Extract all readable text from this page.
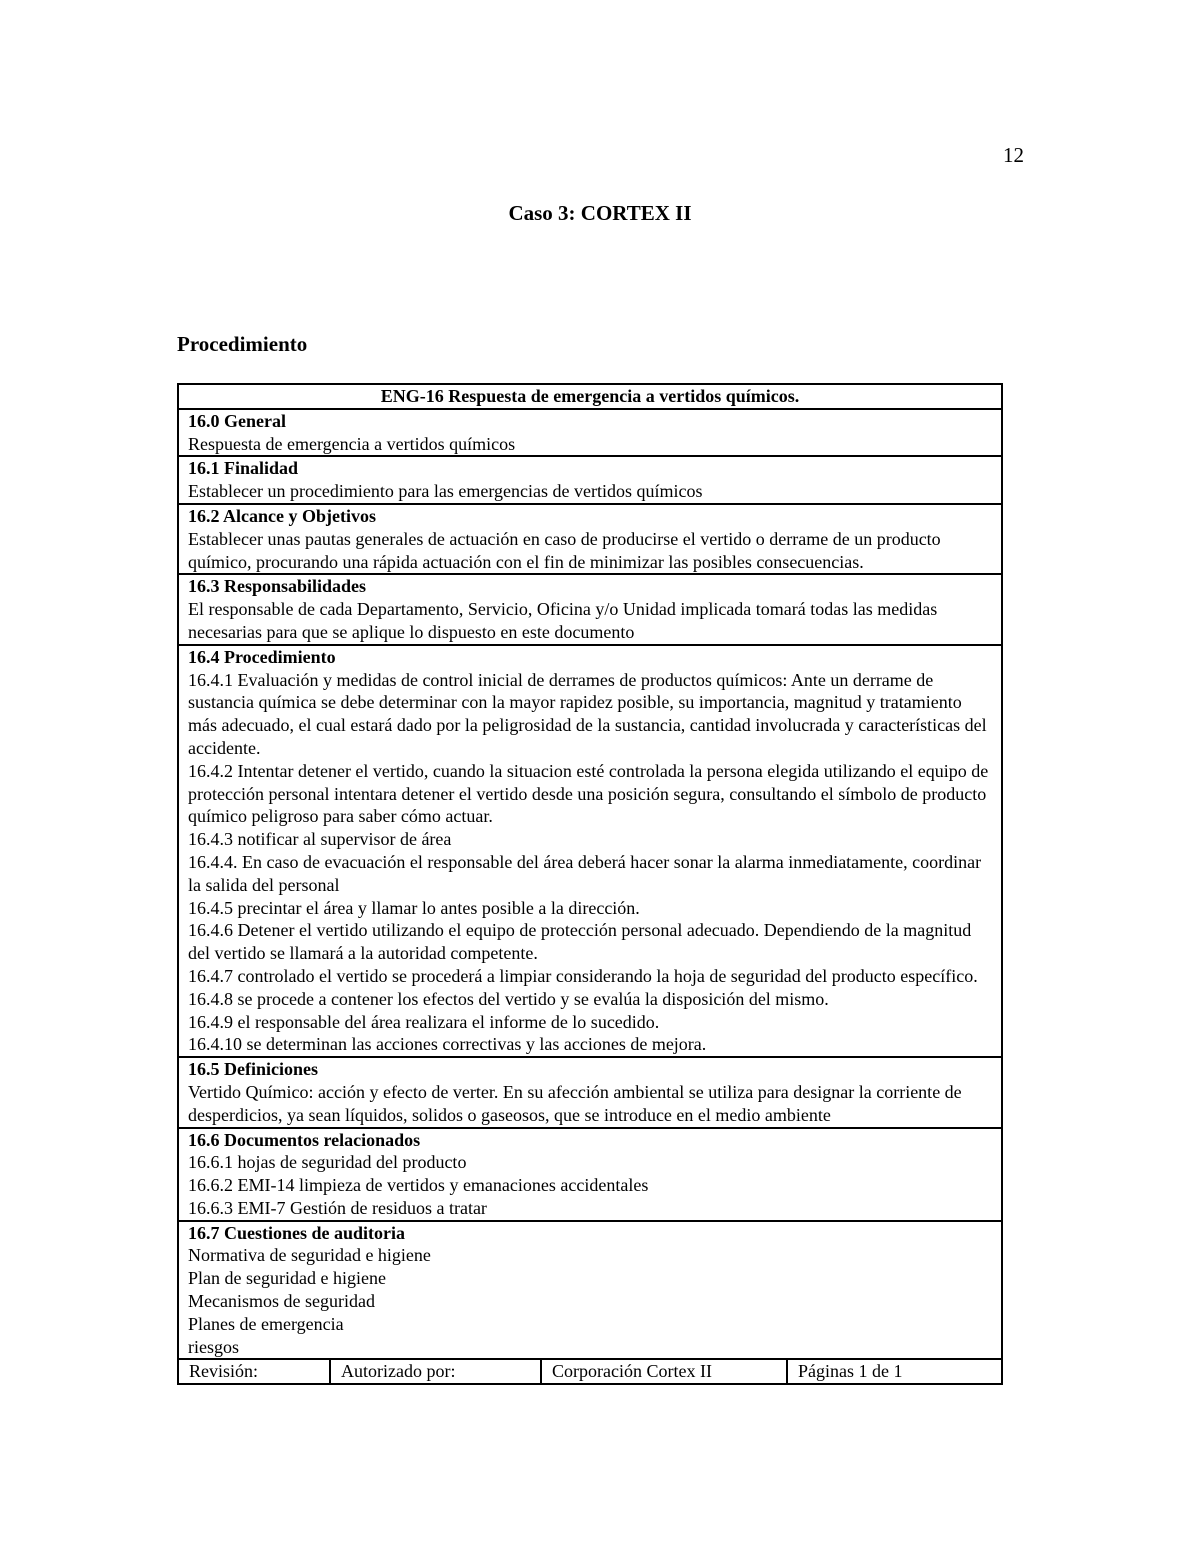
12
Caso 3: CORTEX II
Procedimiento
ENG-16 Respuesta de emergencia a vertidos químicos.

16.0 General
Respuesta de emergencia a vertidos químicos

16.1 Finalidad
Establecer un procedimiento para las emergencias de vertidos químicos

16.2 Alcance y Objetivos
Establecer unas pautas generales de actuación en caso de producirse el vertido o derrame de un producto químico, procurando una rápida actuación con el fin de minimizar las posibles consecuencias.

16.3 Responsabilidades
El responsable de cada Departamento, Servicio, Oficina y/o Unidad implicada tomará todas las medidas necesarias para que se aplique lo dispuesto en este documento

16.4 Procedimiento
16.4.1 Evaluación y medidas de control inicial de derrames de productos químicos: Ante un derrame de sustancia química se debe determinar con la mayor rapidez posible, su importancia, magnitud y tratamiento más adecuado, el cual estará dado por la peligrosidad de la sustancia, cantidad involucrada y características del accidente.
16.4.2 Intentar detener el vertido, cuando la situacion esté controlada la persona elegida utilizando el equipo de protección personal intentara detener el vertido desde una posición segura, consultando el símbolo de producto químico peligroso para saber cómo actuar.
16.4.3 notificar al supervisor de área
16.4.4. En caso de evacuación el responsable del área deberá hacer sonar la alarma inmediatamente, coordinar la salida del personal
16.4.5 precintar el área y llamar lo antes posible a la dirección.
16.4.6 Detener el vertido utilizando el equipo de protección personal adecuado. Dependiendo de la magnitud del vertido se llamará a la autoridad competente.
16.4.7 controlado el vertido se procederá a limpiar considerando la hoja de seguridad del producto específico.
16.4.8 se procede a contener los efectos del vertido y se evalúa la disposición del mismo.
16.4.9 el responsable del área realizara el informe de lo sucedido.
16.4.10 se determinan las acciones correctivas y las acciones de mejora.

16.5 Definiciones
Vertido Químico: acción y efecto de verter. En su afección ambiental se utiliza para designar la corriente de desperdicios, ya sean líquidos, solidos o gaseosos, que se introduce en el medio ambiente

16.6 Documentos relacionados
16.6.1 hojas de seguridad del producto
16.6.2 EMI-14 limpieza de vertidos y emanaciones accidentales
16.6.3 EMI-7 Gestión de residuos a tratar

16.7 Cuestiones de auditoria
Normativa de seguridad e higiene
Plan de seguridad e higiene
Mecanismos de seguridad
Planes de emergencia
riesgos

Revisión:	Autorizado por:	Corporación Cortex II	Páginas 1 de 1
